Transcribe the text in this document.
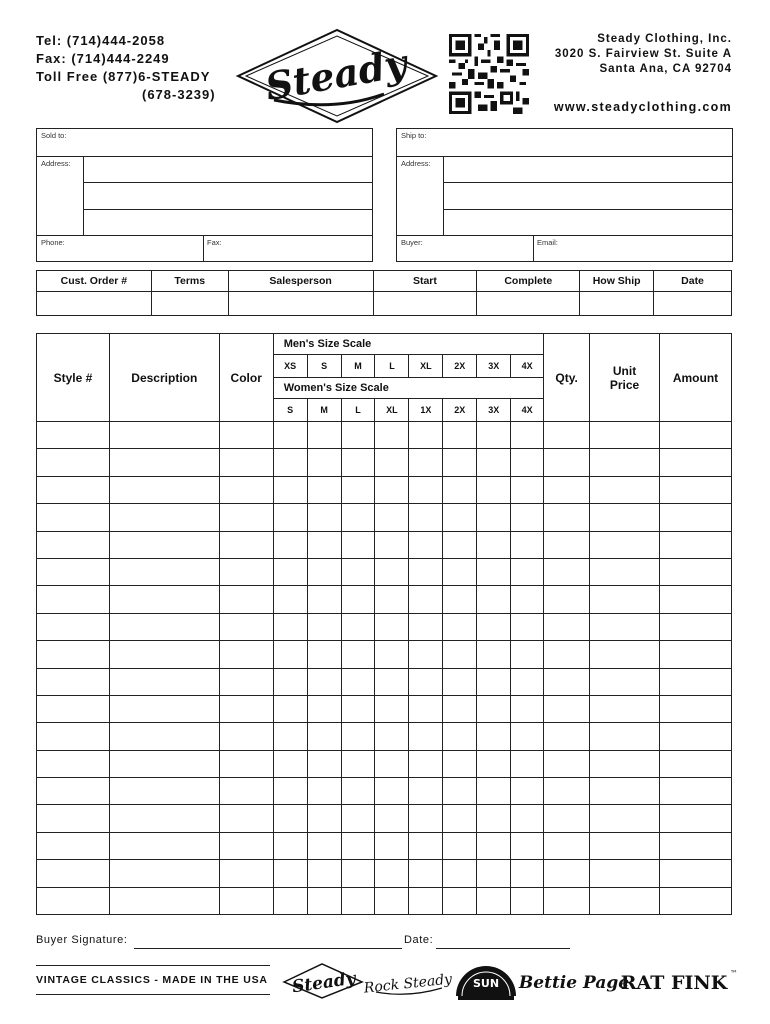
Tel: (714)444-2058
Fax: (714)444-2249
Toll Free (877)6-STEADY

(678-3239) Steady
Steady Clothing, Inc.
3020 S. Fairview St. Suite A
Santa Ana, CA 92704
www.steadyclothing.com
Sold to:
Address:
Phone:	Fax:
Ship to:
Address:
Buyer:	Email:
Cust. Order #	Terms	Salesperson	Start	Complete	How Ship	Date

Style #	Description	Color	Men's Size Scale								Qty.	Unit Price	Amount
			XS	S	M	L	XL	2X	3X	4X			
			Women's Size Scale										
			S	M	L	XL	1X	2X	3X	4X			

Buyer Signature:	Date:
VINTAGE CLASSICS - MADE IN THE USA Steady Rock Steady SUN Bettie Page
RAT FINK ™
